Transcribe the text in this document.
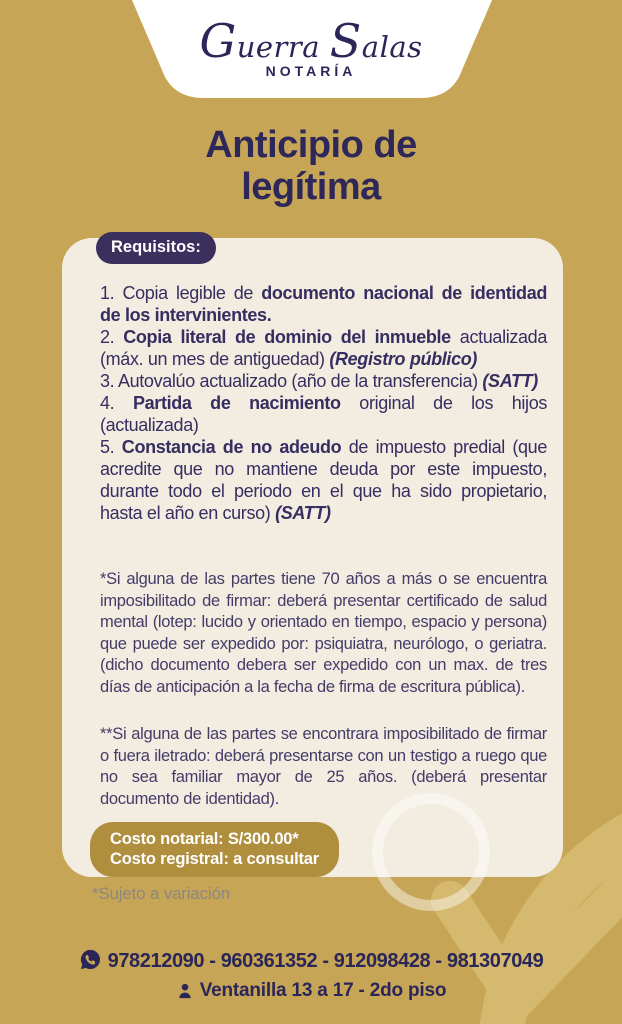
Guerra Salas
NOTARÍA
Anticipio de
legítima
Requisitos:

1. Copia legible de documento nacional de identidad de los intervinientes.

2. Copia literal de dominio del inmueble actualizada (máx. un mes de antiguedad) (Registro público)

3. Autovalúo actualizado (año de la transferencia) (SATT)

4. Partida de nacimiento original de los hijos (actualizada)

5. Constancia de no adeudo de impuesto predial (que acredite que no mantiene deuda por este impuesto, durante todo el periodo en el que ha sido propietario, hasta el año en curso) (SATT)

*Si alguna de las partes tiene 70 años a más o se encuentra imposibilitado de firmar: deberá presentar certificado de salud mental (lotep: lucido y orientado en tiempo, espacio y persona) que puede ser expedido por: psiquiatra, neurólogo, o geriatra. (dicho documento debera ser expedido con un max. de tres días de anticipación a la fecha de firma de escritura pública).

**Si alguna de las partes se encontrara imposibilitado de firmar o fuera iletrado: deberá presentarse con un testigo a ruego que no sea familiar mayor de 25 años. (deberá presentar documento de identidad).

Costo notarial: S/300.00*
Costo registral: a consultar
*Sujeto a variación
978212090 - 960361352 - 912098428 - 981307049
Ventanilla 13 a 17 - 2do piso
